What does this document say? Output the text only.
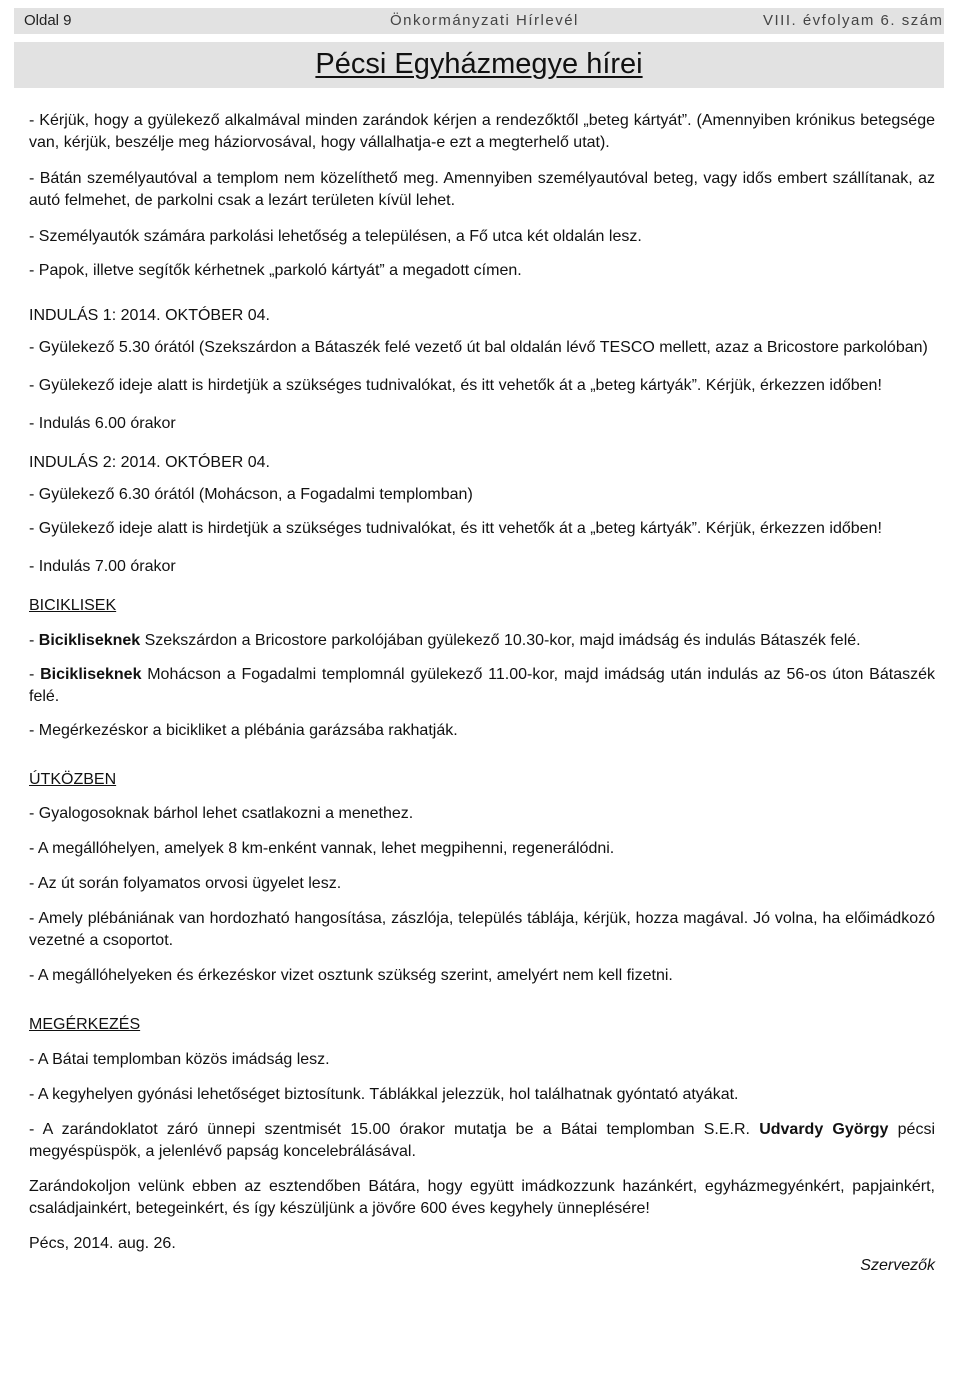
Oldal 9	Önkormányzati Hírlevél	VIII. évfolyam 6. szám
Pécsi Egyházmegye hírei

- Kérjük, hogy a gyülekező alkalmával minden zarándok kérjen a rendezőktől „beteg kártyát”. (Amennyiben krónikus betegsége van, kérjük, beszélje meg háziorvosával, hogy vállalhatja-e ezt a megterhelő utat).

- Bátán személyautóval a templom nem közelíthető meg. Amennyiben személyautóval beteg, vagy idős embert szállítanak, az autó felmehet, de parkolni csak a lezárt területen kívül lehet.

- Személyautók számára parkolási lehetőség a településen, a Fő utca két oldalán lesz.

- Papok, illetve segítők kérhetnek „parkoló kártyát” a megadott címen.

INDULÁS 1: 2014. OKTÓBER 04.

- Gyülekező 5.30 órától (Szekszárdon a Bátaszék felé vezető út bal oldalán lévő TESCO mellett, azaz a Bricostore parkolóban)

- Gyülekező ideje alatt is hirdetjük a szükséges tudnivalókat, és itt vehetők át a „beteg kártyák”. Kérjük, érkezzen időben!

- Indulás 6.00 órakor

INDULÁS 2: 2014. OKTÓBER 04.

- Gyülekező 6.30 órától (Mohácson, a Fogadalmi templomban)

- Gyülekező ideje alatt is hirdetjük a szükséges tudnivalókat, és itt vehetők át a „beteg kártyák”. Kérjük, érkezzen időben!

- Indulás 7.00 órakor

BICIKLISEK

- Bicikliseknek Szekszárdon a Bricostore parkolójában gyülekező 10.30-kor, majd imádság és indulás Bátaszék felé.

- Bicikliseknek Mohácson a Fogadalmi templomnál gyülekező 11.00-kor, majd imádság után indulás az 56-os úton Bátaszék felé.

- Megérkezéskor a bicikliket a plébánia garázsába rakhatják.

ÚTKÖZBEN

- Gyalogosoknak bárhol lehet csatlakozni a menethez.

- A megállóhelyen, amelyek 8 km-enként vannak, lehet megpihenni, regenerálódni.

- Az út során folyamatos orvosi ügyelet lesz.

- Amely plébániának van hordozható hangosítása, zászlója, település táblája, kérjük, hozza magával. Jó volna, ha előimádkozó vezetné a csoportot.

- A megállóhelyeken és érkezéskor vizet osztunk szükség szerint, amelyért nem kell fizetni.

MEGÉRKEZÉS

- A Bátai templomban közös imádság lesz.

- A kegyhelyen gyónási lehetőséget biztosítunk. Táblákkal jelezzük, hol találhatnak gyóntató atyákat.

- A zarándoklatot záró ünnepi szentmisét 15.00 órakor mutatja be a Bátai templomban S.E.R. Udvardy György pécsi megyéspüspök, a jelenlévő papság koncelebrálásával.

Zarándokoljon velünk ebben az esztendőben Bátára, hogy együtt imádkozzunk hazánkért, egyházmegyénkért, papjainkért, családjainkért, betegeinkért, és így készüljünk a jövőre 600 éves kegyhely ünneplésére!

Pécs, 2014. aug. 26.

Szervezők
